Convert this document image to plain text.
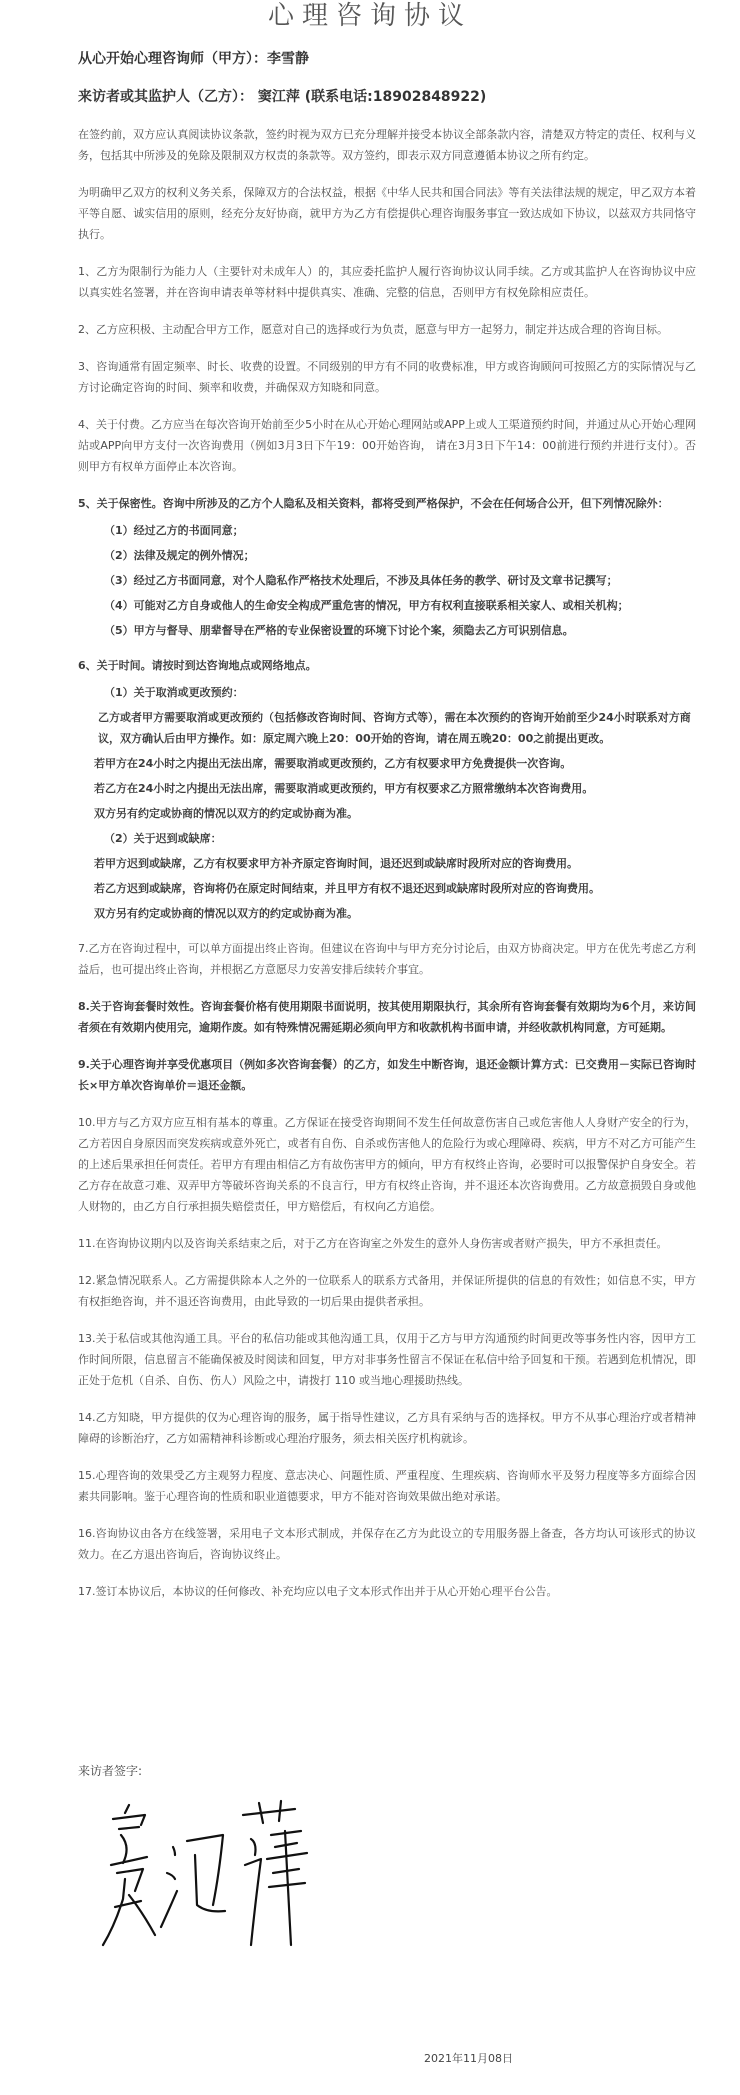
心理咨询协议
从心开始心理咨询师（甲方）：李雪静
来访者或其监护人（乙方）： 窦江萍 (联系电话:18902848922)
在签约前，双方应认真阅读协议条款，签约时视为双方已充分理解并接受本协议全部条款内容，清楚双方特定的责任、权利与义务，包括其中所涉及的免除及限制双方权责的条款等。双方签约，即表示双方同意遵循本协议之所有约定。
为明确甲乙双方的权利义务关系，保障双方的合法权益，根据《中华人民共和国合同法》等有关法律法规的规定，甲乙双方本着平等自愿、诚实信用的原则，经充分友好协商，就甲方为乙方有偿提供心理咨询服务事宜一致达成如下协议，以兹双方共同恪守执行。
1、乙方为限制行为能力人（主要针对未成年人）的，其应委托监护人履行咨询协议认同手续。乙方或其监护人在咨询协议中应以真实姓名签署，并在咨询申请表单等材料中提供真实、准确、完整的信息，否则甲方有权免除相应责任。
2、乙方应积极、主动配合甲方工作，愿意对自己的选择或行为负责，愿意与甲方一起努力，制定并达成合理的咨询目标。
3、咨询通常有固定频率、时长、收费的设置。不同级别的甲方有不同的收费标准，甲方或咨询顾问可按照乙方的实际情况与乙方讨论确定咨询的时间、频率和收费，并确保双方知晓和同意。
4、关于付费。乙方应当在每次咨询开始前至少5小时在从心开始心理网站或APP上或人工渠道预约时间，并通过从心开始心理网站或APP向甲方支付一次咨询费用（例如3月3日下午19：00开始咨询， 请在3月3日下午14：00前进行预约并进行支付）。否则甲方有权单方面停止本次咨询。
5、关于保密性。咨询中所涉及的乙方个人隐私及相关资料，都将受到严格保护，不会在任何场合公开，但下列情况除外：
（1）经过乙方的书面同意；
（2）法律及规定的例外情况；
（3）经过乙方书面同意，对个人隐私作严格技术处理后，不涉及具体任务的教学、研讨及文章书记撰写；
（4）可能对乙方自身或他人的生命安全构成严重危害的情况，甲方有权利直接联系相关家人、或相关机构；
（5）甲方与督导、朋辈督导在严格的专业保密设置的环境下讨论个案，须隐去乙方可识别信息。
6、关于时间。请按时到达咨询地点或网络地点。
（1）关于取消或更改预约：
乙方或者甲方需要取消或更改预约（包括修改咨询时间、咨询方式等），需在本次预约的咨询开始前至少24小时联系对方商议，双方确认后由甲方操作。如：原定周六晚上20：00开始的咨询，请在周五晚20：00之前提出更改。
若甲方在24小时之内提出无法出席，需要取消或更改预约，乙方有权要求甲方免费提供一次咨询。
若乙方在24小时之内提出无法出席，需要取消或更改预约，甲方有权要求乙方照常缴纳本次咨询费用。
双方另有约定或协商的情况以双方的约定或协商为准。
（2）关于迟到或缺席：
若甲方迟到或缺席，乙方有权要求甲方补齐原定咨询时间，退还迟到或缺席时段所对应的咨询费用。
若乙方迟到或缺席，咨询将仍在原定时间结束，并且甲方有权不退还迟到或缺席时段所对应的咨询费用。
双方另有约定或协商的情况以双方的约定或协商为准。
7.乙方在咨询过程中，可以单方面提出终止咨询。但建议在咨询中与甲方充分讨论后，由双方协商决定。甲方在优先考虑乙方利益后，也可提出终止咨询，并根据乙方意愿尽力安善安排后续转介事宜。
8.关于咨询套餐时效性。咨询套餐价格有使用期限书面说明，按其使用期限执行，其余所有咨询套餐有效期均为6个月，来访间者须在有效期内使用完，逾期作废。如有特殊情况需延期必须向甲方和收款机构书面申请，并经收款机构同意，方可延期。
9.关于心理咨询并享受优惠项目（例如多次咨询套餐）的乙方，如发生中断咨询，退还金额计算方式：已交费用－实际已咨询时长×甲方单次咨询单价＝退还金额。
10.甲方与乙方双方应互相有基本的尊重。乙方保证在接受咨询期间不发生任何故意伤害自己或危害他人人身财产安全的行为，乙方若因自身原因而突发疾病或意外死亡，或者有自伤、自杀或伤害他人的危险行为或心理障碍、疾病，甲方不对乙方可能产生的上述后果承担任何责任。若甲方有理由相信乙方有故伤害甲方的倾向，甲方有权终止咨询，必要时可以报警保护自身安全。若乙方存在故意刁难、双弄甲方等破坏咨询关系的不良言行，甲方有权终止咨询，并不退还本次咨询费用。乙方故意损毁自身或他人财物的，由乙方自行承担损失赔偿责任，甲方赔偿后，有权向乙方追偿。
11.在咨询协议期内以及咨询关系结束之后，对于乙方在咨询室之外发生的意外人身伤害或者财产损失，甲方不承担责任。
12.紧急情况联系人。乙方需提供除本人之外的一位联系人的联系方式备用，并保证所提供的信息的有效性；如信息不实，甲方有权拒绝咨询，并不退还咨询费用，由此导致的一切后果由提供者承担。
13.关于私信或其他沟通工具。平台的私信功能或其他沟通工具，仅用于乙方与甲方沟通预约时间更改等事务性内容，因甲方工作时间所限，信息留言不能确保被及时阅读和回复，甲方对非事务性留言不保证在私信中给予回复和干预。若遇到危机情况，即正处于危机（自杀、自伤、伤人）风险之中，请拨打 110 或当地心理援助热线。
14.乙方知晓，甲方提供的仅为心理咨询的服务，属于指导性建议，乙方具有采纳与否的选择权。甲方不从事心理治疗或者精神障碍的诊断治疗，乙方如需精神科诊断或心理治疗服务，须去相关医疗机构就诊。
15.心理咨询的效果受乙方主观努力程度、意志决心、问题性质、严重程度、生理疾病、咨询师水平及努力程度等多方面综合因素共同影响。鉴于心理咨询的性质和职业道德要求，甲方不能对咨询效果做出绝对承诺。
16.咨询协议由各方在线签署，采用电子文本形式制成，并保存在乙方为此设立的专用服务器上备查，各方均认可该形式的协议效力。在乙方退出咨询后，咨询协议终止。
17.签订本协议后，本协议的任何修改、补充均应以电子文本形式作出并于从心开始心理平台公告。
来访者签字:
2021年11月08日
